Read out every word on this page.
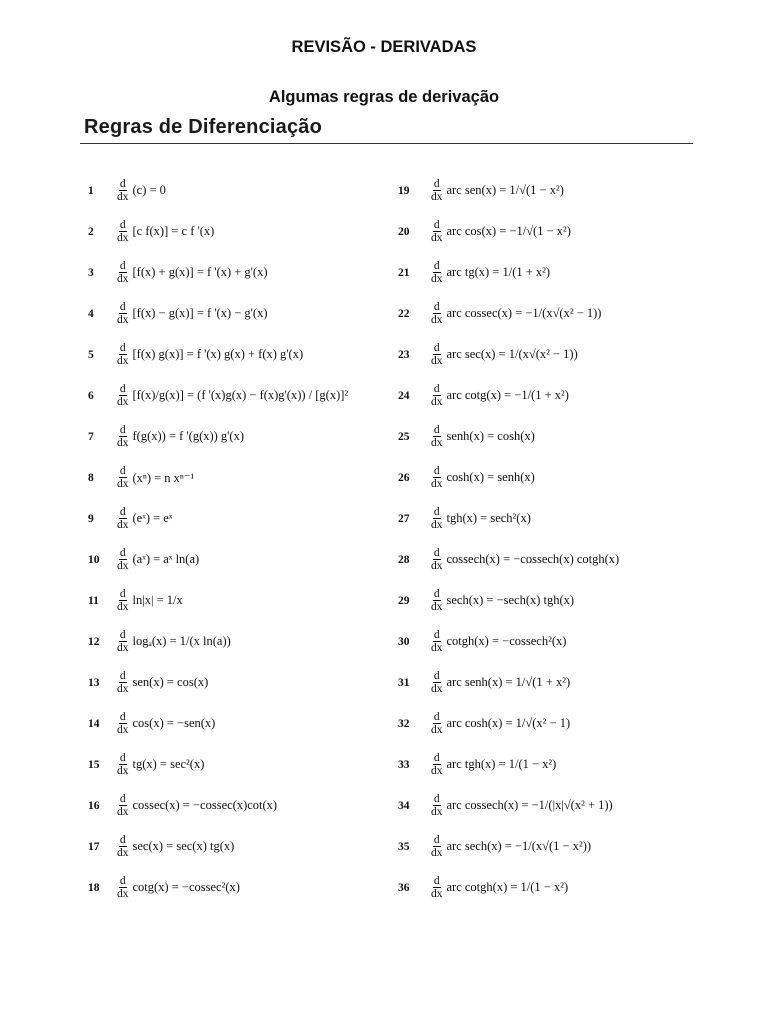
REVISÃO - DERIVADAS
Algumas regras de derivação
Regras de Diferenciação
1	$\frac{d}{dx} (c) = 0$
2	$\frac{d}{dx} [c$ f(x)] = c f '(x)
3	$\frac{d}{dx} [f(x) + g(x)] = f$ '(x) + g'(x)
4	$\frac{d}{dx} [f(x) - g(x)] = f$ '(x) − g'(x)
5	$\frac{d}{dx} [f(x) g(x)] = f$ '(x) g(x) + f(x) g'(x)
6	$\frac{d}{dx} [f(x)/g(x)] = (f$ '(x)g(x) − f(x)g'(x)) / [g(x)]²
7	$\frac{d}{dx} f(g(x)) = f$ '(g(x)) g'(x)
8	$\frac{d}{dx} (x^n) = n$ xⁿ⁻¹
9	$\frac{d}{dx}$ (eˣ) = eˣ
10	$\frac{d}{dx}$ (aˣ) = aˣ ln(a)
11	$\frac{d}{dx} \ln|x| = 1/x$
12	$\frac{d}{dx} \log_a(x) = 1/(x$ ln(a))
13	$\frac{d}{dx} sen(x) = \cos(x)$
14	$\frac{d}{dx} \cos(x) = -sen(x)$
15	$\frac{d}{dx} tg(x) = \sec^2(x)$
16	$\frac{d}{dx} cossec(x) = -cossec(x)\cot(x)$
17	$\frac{d}{dx} \sec(x) = \sec(x)$ tg(x)
18	$\frac{d}{dx} \cot g(x) = -cossec^2(x)$
19	$\frac{d}{dx}$ arc sen(x) = 1/√(1 − x²)
20	$\frac{d}{dx}$ arc cos(x) = −1/√(1 − x²)
21	$\frac{d}{dx}$ arc tg(x) = 1/(1 + x²)
22	$\frac{d}{dx}$ arc cossec(x) = −1/(x√(x² − 1))
23	$\frac{d}{dx}$ arc sec(x) = 1/(x√(x² − 1))
24	$\frac{d}{dx}$ arc cotg(x) = −1/(1 + x²)
25	$\frac{d}{dx}$ senh(x) = cosh(x)
26	$\frac{d}{dx} \cosh(x)$ = senh(x)
27	$\frac{d}{dx} tgh(x) = \sec h^2(x)$
28	$\frac{d}{dx} cossech(x) = -cossech(x)$ cotgh(x)
29	$\frac{d}{dx} \sec h(x) = -\sec h(x)$ tgh(x)
30	$\frac{d}{dx}$ cotgh(x) = −cossech²(x)
31	$\frac{d}{dx}$ arc senh(x) = 1/√(1 + x²)
32	$\frac{d}{dx}$ arc cosh(x) = 1/√(x² − 1)
33	$\frac{d}{dx}$ arc tgh(x) = 1/(1 − x²)
34	$\frac{d}{dx}$ arc cossech(x) = −1/(|x|√(x² + 1))
35	$\frac{d}{dx}$ arc sech(x) = −1/(x√(1 − x²))
36	$\frac{d}{dx}$ arc cotgh(x) = 1/(1 − x²)
